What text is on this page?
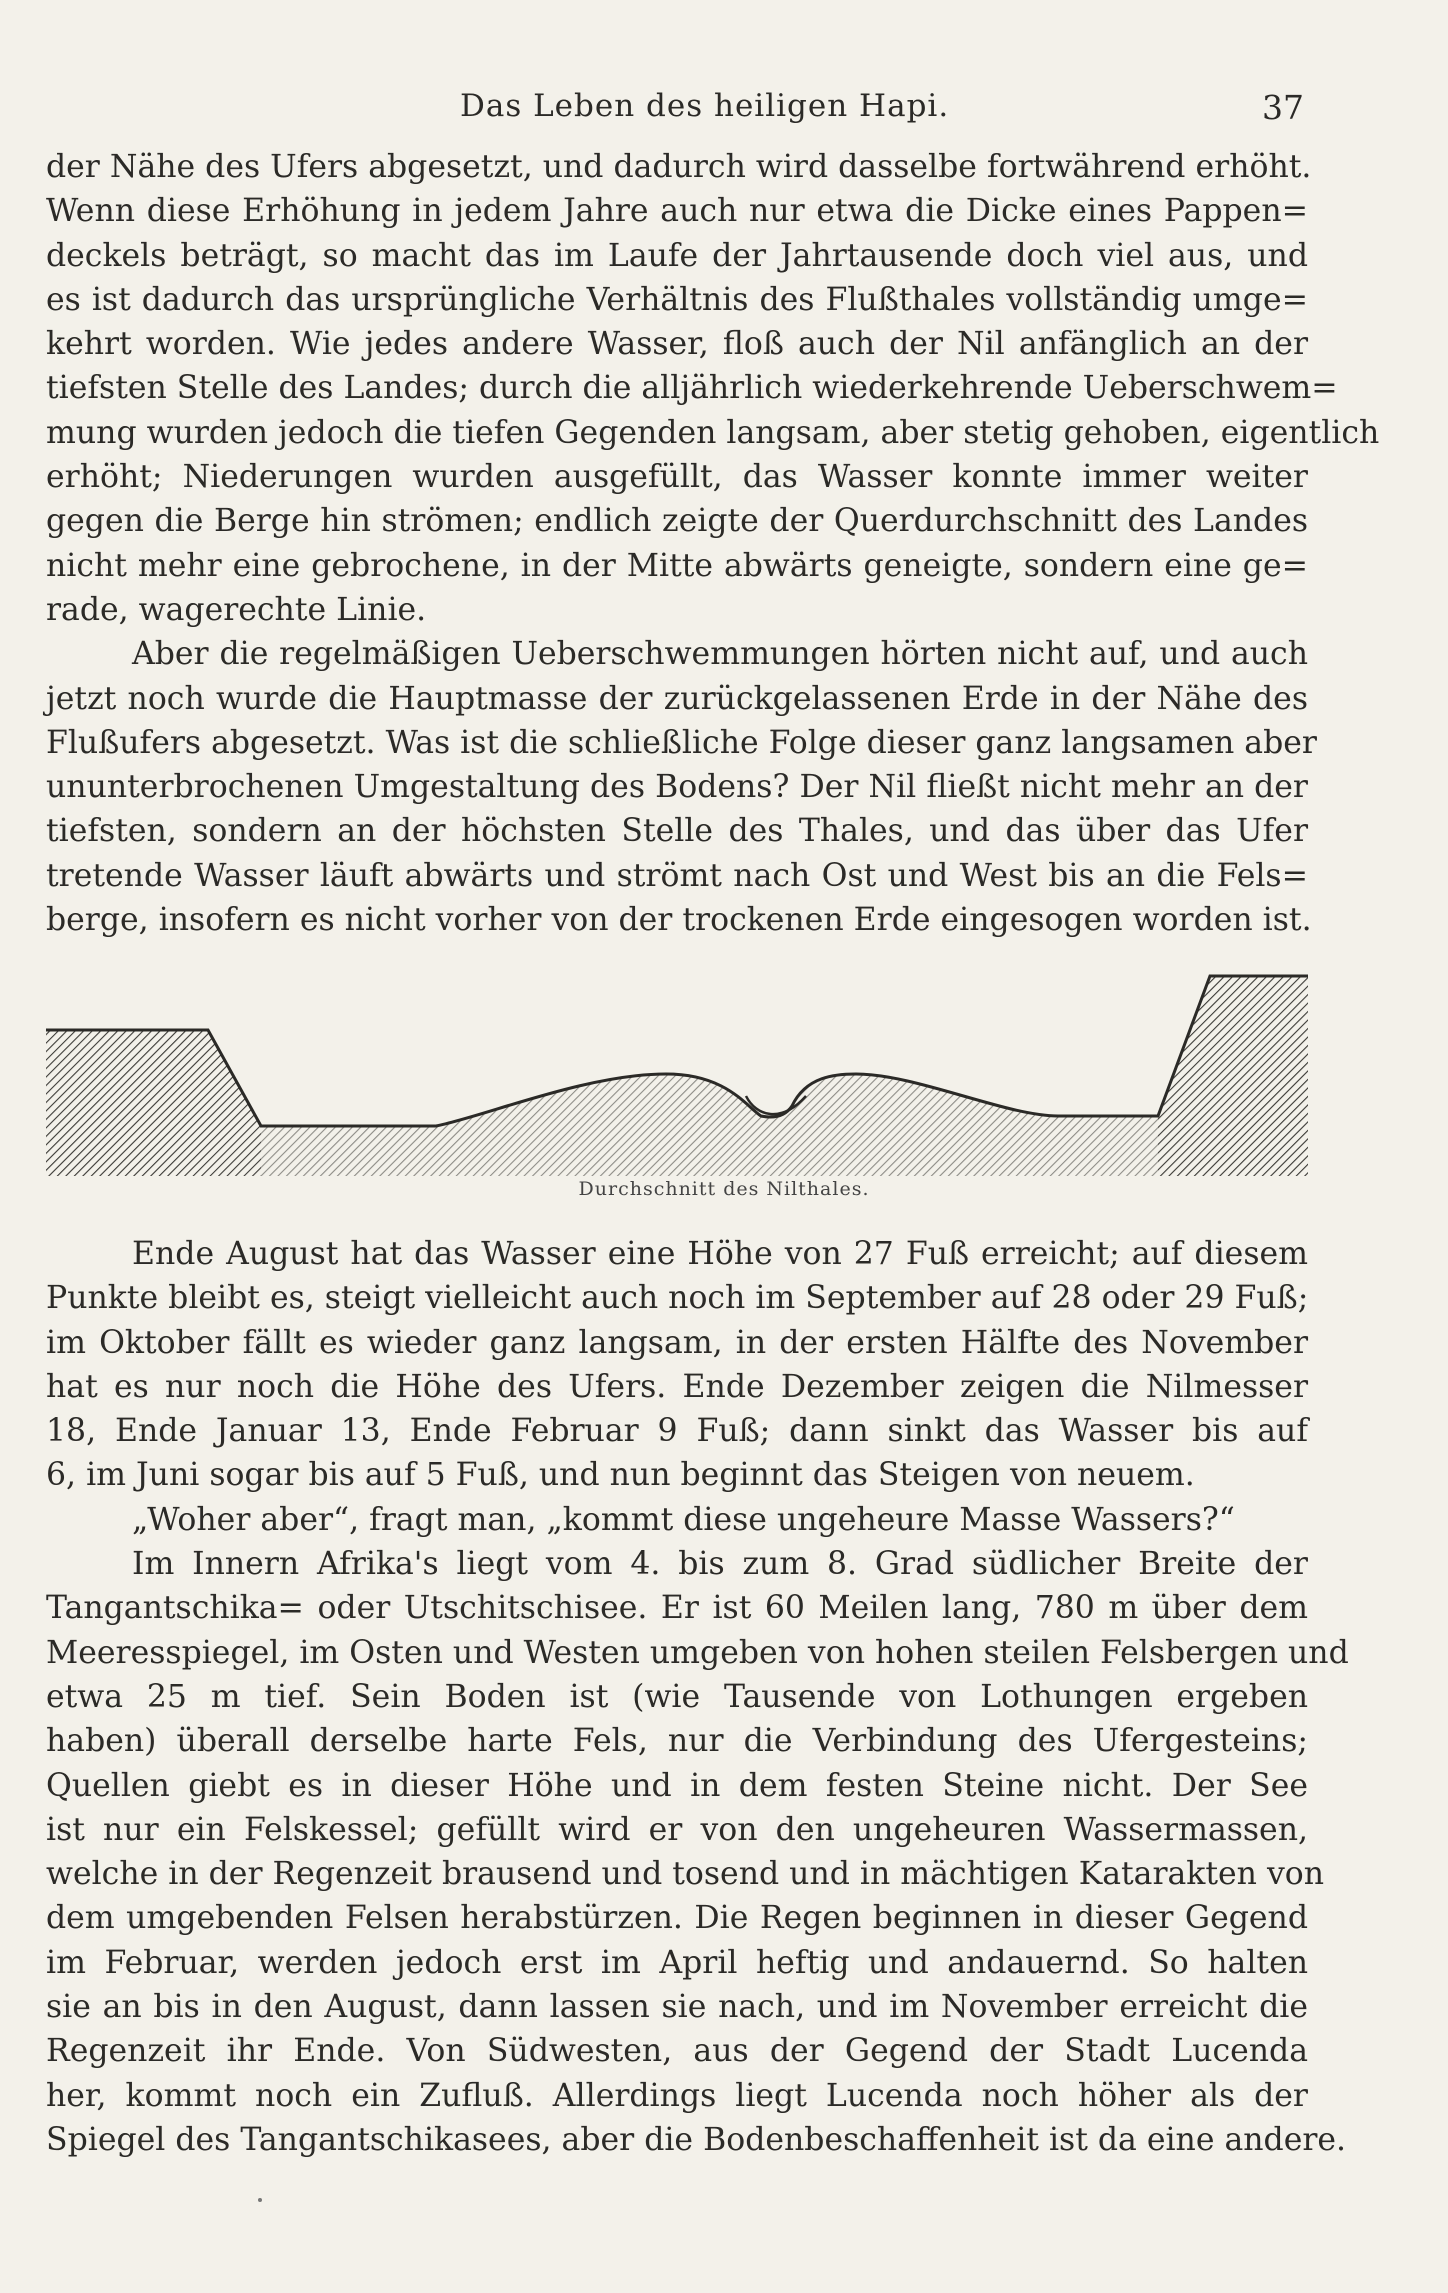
Das Leben des heiligen Hapi.	37
der Nähe des Ufers abgesetzt, und dadurch wird dasselbe fortwährend erhöht.
Wenn diese Erhöhung in jedem Jahre auch nur etwa die Dicke eines Pappen=
deckels beträgt, so macht das im Laufe der Jahrtausende doch viel aus, und
es ist dadurch das ursprüngliche Verhältnis des Flußthales vollständig umge=
kehrt worden. Wie jedes andere Wasser, floß auch der Nil anfänglich an der
tiefsten Stelle des Landes; durch die alljährlich wiederkehrende Ueberschwem=
mung wurden jedoch die tiefen Gegenden langsam, aber stetig gehoben, eigentlich
erhöht; Niederungen wurden ausgefüllt, das Wasser konnte immer weiter
gegen die Berge hin strömen; endlich zeigte der Querdurchschnitt des Landes
nicht mehr eine gebrochene, in der Mitte abwärts geneigte, sondern eine ge=
rade, wagerechte Linie.
Aber die regelmäßigen Ueberschwemmungen hörten nicht auf, und auch
jetzt noch wurde die Hauptmasse der zurückgelassenen Erde in der Nähe des
Flußufers abgesetzt. Was ist die schließliche Folge dieser ganz langsamen aber
ununterbrochenen Umgestaltung des Bodens? Der Nil fließt nicht mehr an der
tiefsten, sondern an der höchsten Stelle des Thales, und das über das Ufer
tretende Wasser läuft abwärts und strömt nach Ost und West bis an die Fels=
berge, insofern es nicht vorher von der trockenen Erde eingesogen worden ist.
Durchschnitt des Nilthales.
Ende August hat das Wasser eine Höhe von 27 Fuß erreicht; auf diesem
Punkte bleibt es, steigt vielleicht auch noch im September auf 28 oder 29 Fuß;
im Oktober fällt es wieder ganz langsam, in der ersten Hälfte des November
hat es nur noch die Höhe des Ufers. Ende Dezember zeigen die Nilmesser
18, Ende Januar 13, Ende Februar 9 Fuß; dann sinkt das Wasser bis auf
6, im Juni sogar bis auf 5 Fuß, und nun beginnt das Steigen von neuem.
„Woher aber“, fragt man, „kommt diese ungeheure Masse Wassers?“
Im Innern Afrika's liegt vom 4. bis zum 8. Grad südlicher Breite der
Tangantschika= oder Utschitschisee. Er ist 60 Meilen lang, 780 m über dem
Meeresspiegel, im Osten und Westen umgeben von hohen steilen Felsbergen und
etwa 25 m tief. Sein Boden ist (wie Tausende von Lothungen ergeben
haben) überall derselbe harte Fels, nur die Verbindung des Ufergesteins;
Quellen giebt es in dieser Höhe und in dem festen Steine nicht. Der See
ist nur ein Felskessel; gefüllt wird er von den ungeheuren Wassermassen,
welche in der Regenzeit brausend und tosend und in mächtigen Katarakten von
dem umgebenden Felsen herabstürzen. Die Regen beginnen in dieser Gegend
im Februar, werden jedoch erst im April heftig und andauernd. So halten
sie an bis in den August, dann lassen sie nach, und im November erreicht die
Regenzeit ihr Ende. Von Südwesten, aus der Gegend der Stadt Lucenda
her, kommt noch ein Zufluß. Allerdings liegt Lucenda noch höher als der
Spiegel des Tangantschikasees, aber die Bodenbeschaffenheit ist da eine andere.
